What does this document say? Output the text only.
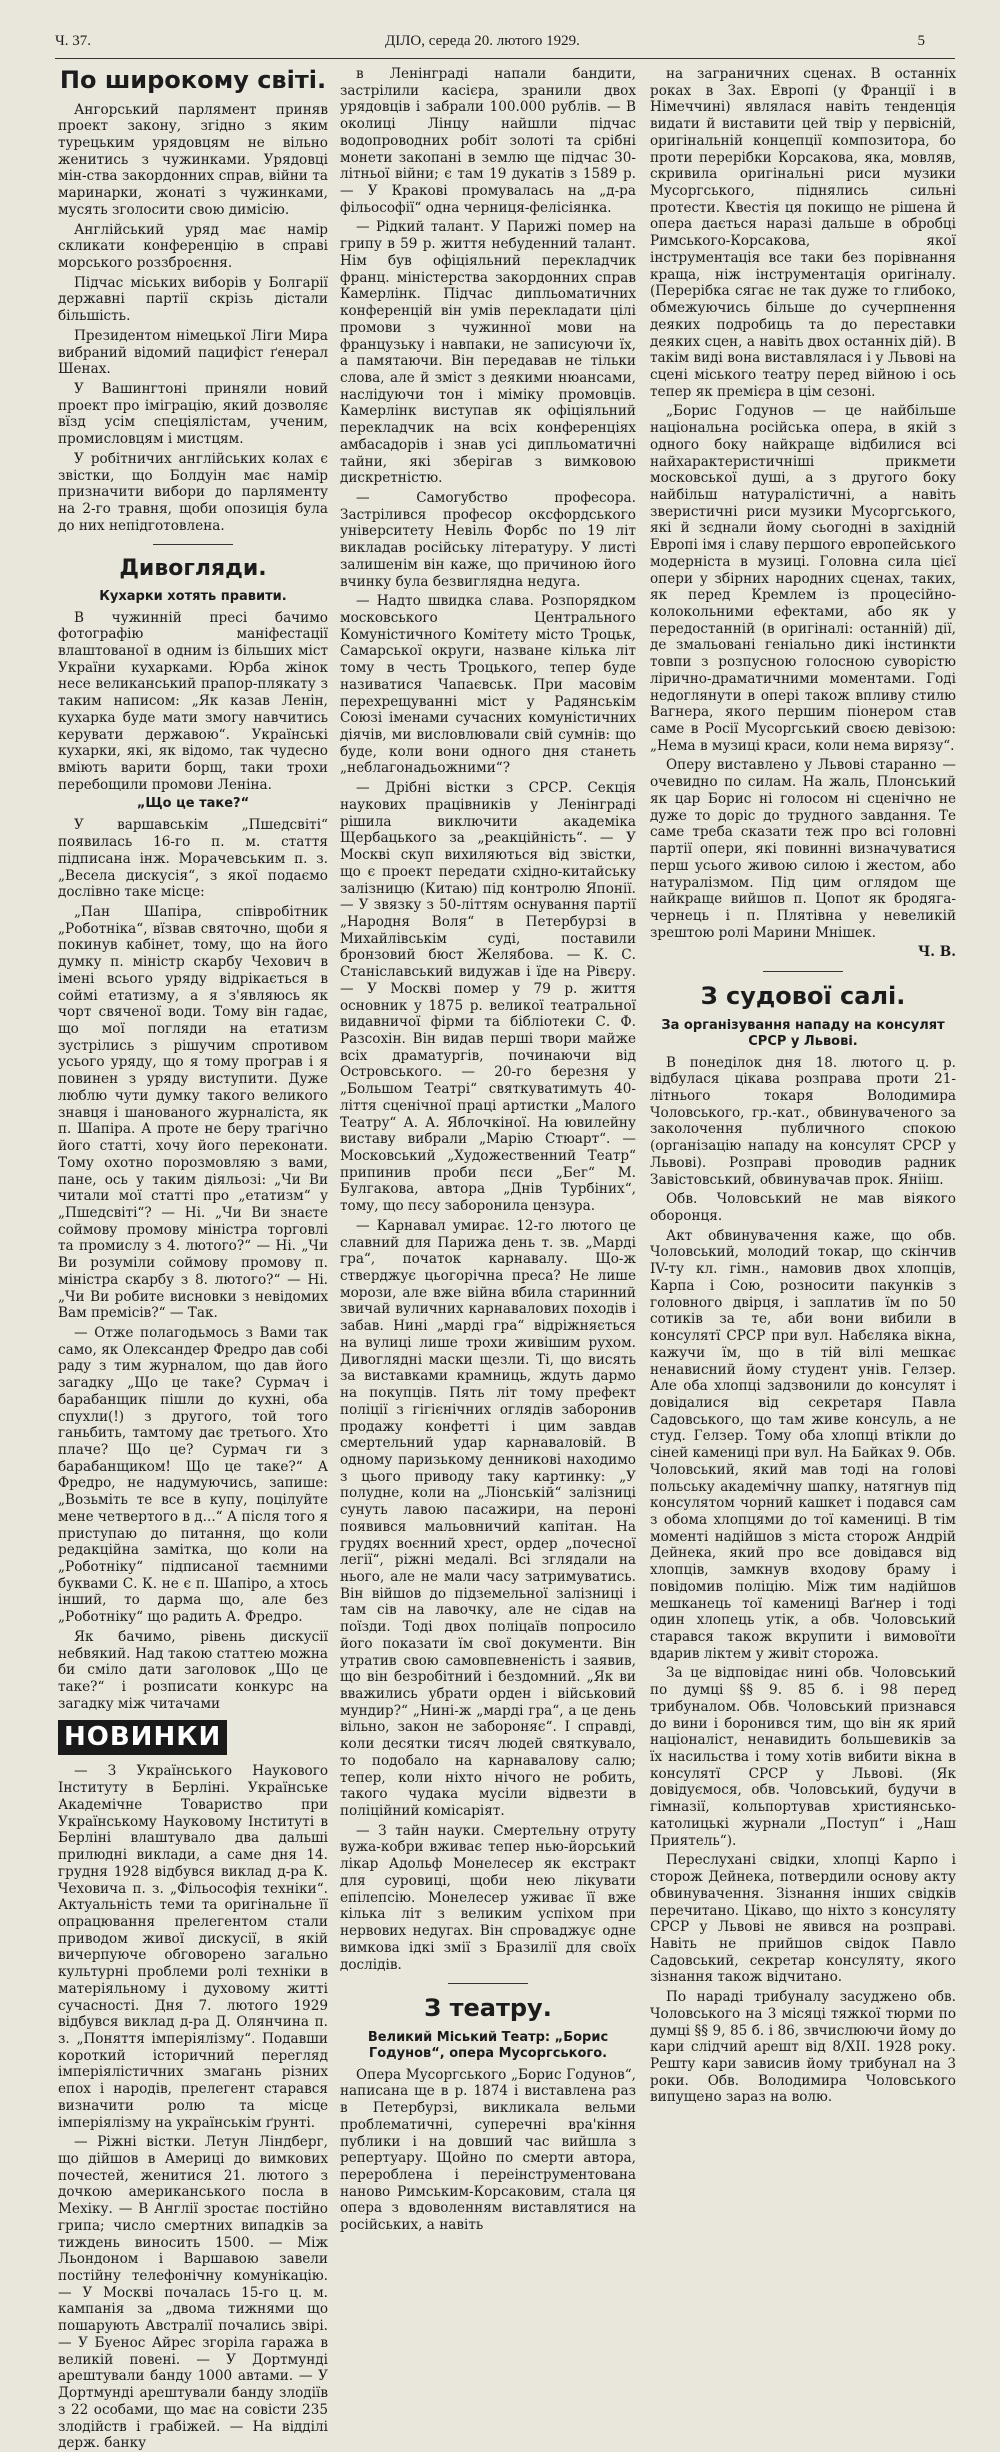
Ч. 37.	ДІЛО, середа 20. лютого 1929.	5
По широкому світі.

Ангорський парлямент приняв проект закону, згідно з яким турецьким урядовцям не вільно женитись з чужинками. Урядовці мін-ства закордонних справ, війни та маринарки, жонаті з чужинками, мусять зголосити свою димісію.

Англійський уряд має намір скликати конференцію в справі морського роззброєння.

Підчас міських виборів у Болгарії державні партії скрізь дістали більшість.

Президентом німецької Ліги Мира вибраний відомий пацифіст ґенерал Шенах.

У Вашингтоні приняли новий проект про іміграцію, який дозволяє вїзд усім спеціялістам, ученим, промисловцям і мистцям.

У робітничих англійських колах є звістки, що Болдуін має намір призначити вибори до парляменту на 2-го травня, щоби опозиція була до них непідготовлена.

Дивогляди.
Кухарки хотять правити.

В чужинній пресі бачимо фотографію маніфестації влаштованої в одним із більших міст України кухарками. Юрба жінок несе великанський прапор-плякату з таким написом: „Як казав Ленін, кухарка буде мати змогу навчитись керувати державою“. Українські кухарки, які, як відомо, так чудесно вміють варити борщ, таки трохи перебощили промови Леніна.

„Що це таке?“

У варшавськім „Пшедсвіті“ появилась 16-го п. м. стаття підписана інж. Морачевським п. з. „Весела дискусія“, з якої подаємо дослівно таке місце:

„Пан Шапіра, співробітник „Роботніка“, вїзвав святочно, щоби я покинув кабінет, тому, що на його думку п. міністр скарбу Чехович в імені всього уряду відрікається в соймі етатизму, а я з'являюсь як чорт свяченої води. Тому він гадає, що мої погляди на етатизм зустрілись з рішучим спротивом усього уряду, що я тому програв і я повинен з уряду виступити. Дуже люблю чути думку такого великого знавця і шанованого журналіста, як п. Шапіра. А проте не беру трагічно його статті, хочу його переконати. Тому охотно порозмовляю з вами, пане, ось у таким діяльозі: „Чи Ви читали мої статті про „етатизм“ у „Пшедсвіті“? — Ні. „Чи Ви знаєте соймову промову міністра торговлі та промислу з 4. лютого?“ — Ні. „Чи Ви розуміли соймову промову п. міністра скарбу з 8. лютого?“ — Ні. „Чи Ви робите висновки з невідомих Вам премісів?“ — Так.

— Отже полагодьмось з Вами так само, як Олександер Фредро дав собі раду з тим журналом, що дав його загадку „Що це таке? Сурмач і барабанщик пішли до кухні, оба спухли(!) з другого, той того ганьбить, тамтому дає третього. Хто плаче? Що це? Сурмач ги з барабанщиком! Що це таке?“ А Фредро, не надумуючись, запише: „Возьміть те все в купу, поцілуйте мене четвертого в д...“ А після того я приступаю до питання, що коли редакційна замітка, що коли на „Роботніку“ підписаної таємними буквами С. К. не є п. Шапіро, а хтось інший, то дарма що, але без „Роботніку“ що радить А. Фредро.

Як бачимо, рівень дискусії небвякий. Над такою статтею можна би сміло дати заголовок „Що це таке?“ і розписати конкурс на загадку між читачами

НОВИНКИ

— З Українського Наукового Інституту в Берліні. Українське Академічне Товариство при Українському Науковому Інституті в Берліні влаштувало два дальші прилюдні виклади, а саме дня 14. грудня 1928 відбувся виклад д-ра К. Чеховича п. з. „Фільософія техніки“. Актуальність теми та оригінальне її опрацювання прелегентом стали приводом живої дискусії, в якій вичерпуюче обговорено загально культурні проблеми ролі техніки в матеріяльному і духовому житті сучасності. Дня 7. лютого 1929 відбувся виклад д-ра Д. Олянчина п. з. „Поняття імперіялізму“. Подавши короткий історичний перегляд імперіялістичних змагань різних епох і народів, прелегент старався визначити ролю та місце імперіялізму на українськім ґрунті.

— Ріжні вістки. Летун Ліндберг, що дійшов в Америці до вимкових почестей, женитися 21. лютого з дочкою американського посла в Мехіку. — В Англії зростає постійно грипа; число смертних випадків за тиждень виносить 1500. — Між Льондоном і Варшавою завели постійну телефонічну комунікацію. — У Москві почалась 15-го ц. м. кампанія за „двома тижнями що пошарують Австралії почались звірі. — У Буенос Айрес згоріла гаража в великій повені. — У Дортмунді арештували банду 1000 автами. — У Дортмунді арештували банду злодіїв з 22 особами, що має на совісти 235 злодійств і грабіжей. — На відділі держ. банку

в Ленінграді напали бандити, застрілили касієра, зранили двох урядовців і забрали 100.000 рублів. — В околиці Лінцу найшли підчас водопроводних робіт золоті та срібні монети закопані в землю ще підчас 30-літньої війни; є там 19 дукатів з 1589 р. — У Кракові промувалась на „д-ра фільософії“ одна черниця-фелісіянка.

— Рідкий талант. У Парижі помер на грипу в 59 р. життя небуденний талант. Нім був офіціяльний перекладчик франц. міністерства закордонних справ Камерлінк. Підчас дипльоматичних конференцій він умів перекладати цілі промови з чужинної мови на французьку і навпаки, не записуючи їх, а памятаючи. Він передавав не тільки слова, але й зміст з деякими нюансами, наслідуючи тон і міміку промовців. Камерлінк виступав як офіціяльний перекладчик на всіх конференціях амбасадорів і знав усі дипльоматичні тайни, які зберігав з вимковою дискретністю.

— Самогубство професора. Застрілився професор оксфордського університету Невіль Форбс по 19 літ викладав російську літературу. У листі залишенім він каже, що причиною його вчинку була безвиглядна недуга.

— Надто швидка слава. Розпорядком московського Центрального Комуністичного Комітету місто Троцьк, Самарської округи, назване кілька літ тому в честь Троцького, тепер буде називатися Чапаєвськ. При масовім перехрещуванні міст у Радянськім Союзі іменами сучасних комуністичних діячів, ми висловлювали свій сумнів: що буде, коли вони одного дня станеть „неблагонадьожними“?

— Дрібні вістки з СРСР. Секція наукових працівників у Ленінграді рішила виключити академіка Щербацького за „реакційність“. — У Москві скуп вихиляються від звістки, що є проект передати східно-китайську залізницю (Китаю) під контролю Японії. — У звязку з 50-літтям оснування партії „Народня Воля“ в Петербурзі в Михайлівськім суді, поставили бронзовий бюст Желябова. — К. С. Станіславський видужав і їде на Рівєру. — У Москві помер у 79 р. життя основник у 1875 р. великої театральної видавничої фірми та бібліотеки С. Ф. Разсохін. Він видав перші твори майже всіх драматургів, починаючи від Островського. — 20-го березня у „Большом Театрі“ святкуватимуть 40-ліття сценічної праці артистки „Малого Театру“ А. А. Яблочкіної. На ювилейну виставу вибрали „Марію Стюарт“. — Московський „Художественний Театр“ припинив проби пєси „Бег“ М. Булгакова, автора „Днів Турбіних“, тому, що пєсу заборонила цензура.

— Карнавал умирає. 12-го лютого це славний для Парижа день т. зв. „Марді гра“, початок карнавалу. Що-ж стверджує цьогорічна преса? Не лише морози, але вже війна вбила старинний звичай вуличних карнавалових походів і забав. Нині „марді гра“ відріжняється на вулиці лише трохи живішим рухом. Дивоглядні маски щезли. Ті, що висять за виставками крамниць, ждуть дармо на покупців. Пять літ тому префект поліції з гігієнічних оглядів заборонив продажу конфетті і цим завдав смертельний удар карнаваловій. В одному паризькому денникові находимо з цього приводу таку картинку: „У полудне, коли на „Ліонській“ залізниці сунуть лавою пасажири, на пероні появився мальовничий капітан. На грудях воєнний хрест, ордер „почесної легії“, ріжні медалі. Всі зглядали на нього, але не мали часу затримуватись. Він війшов до підземельної залізниці і там сів на лавочку, але не сідав на поїзди. Тоді двох поліцаїв попросило його показати їм свої документи. Він утратив свою самовпевненість і заявив, що він безробітний і бездомний. „Як ви вважились убрати орден і військовий мундир?“ „Нині-ж „марді гра“, а це день вільно, закон не забороняє“. І справді, коли десятки тисяч людей святкувало, то подобало на карнавалову салю; тепер, коли ніхто нічого не робить, такого чудака мусіли відвезти в поліційний комісаріят.

— З тайн науки. Смертельну отруту вужа-кобри вживає тепер нью-йорський лікар Адольф Монелесер як екстракт для суровиці, щоби нею лікувати епілепсію. Монелесер уживає її вже кілька літ з великим успіхом при нервових недугах. Він спроваджує одне вимкова ідкі змії з Бразилії для своїх дослідів.

З театру.
Великий Міський Театр: „Борис Годунов“, опера Мусоргського.

Опера Мусоргського „Борис Годунов“, написана ще в р. 1874 і виставлена раз в Петербурзі, викликала вельми проблематичні, суперечні вра'кіння публики і на довший час вийшла з репертуару. Щойно по смерти автора, перероблена і переінструментована наново Римським-Корсаковим, стала ця опера з вдоволенням виставлятися на російських, а навіть

на заграничних сценах. В останніх роках в Зах. Европі (у Франції і в Німеччині) являлася навіть тенденція видати й виставити цей твір у первісній, оригінальній концепції композитора, бо проти перерібки Корсакова, яка, мовляв, скривила оригінальні риси музики Мусоргського, піднялись сильні протести. Квестія ця покищо не рішена й опера дається наразі дальше в обробці Римського-Корсакова, якої інструментація все таки без порівнання краща, ніж інструментація оригіналу. (Перерібка сягає не так дуже то глибоко, обмежуючись більше до сучерпнення деяких подробиць та до переставки деяких сцен, а навіть двох останніх дій). В такім виді вона виставлялася і у Львові на сцені міського театру перед війною і ось тепер як премієра в цім сезоні.

„Борис Годунов — це найбільше національна російська опера, в якій з одного боку найкраще відбилися всі найхарактеристичніші прикмети московської душі, а з другого боку найбільш натуралістичні, а навіть зверистичні риси музики Мусоргського, які й зєднали йому сьогодні в західній Европі імя і славу першого европейського модерніста в музиці. Головна сила цієї опери у збірних народних сценах, таких, як перед Кремлем із процесійно-колокольними ефектами, або як у передостанній (в оригіналі: останній) дії, де змальовані геніально дикі інстинкти товпи з розпусною голосною суворістю лірично-драматичними моментами. Годі недоглянути в опері також впливу стилю Вагнера, якого першим піонером став саме в Росії Мусоргський своєю девізою: „Нема в музиці краси, коли нема вирязу“.

Оперу виставлено у Львові старанно — очевидно по силам. На жаль, Плонський як цар Борис ні голосом ні сценічно не дуже то доріс до трудного завдання. Те саме треба сказати теж про всі головні партії опери, які повинні визначуватися перш усього живою силою і жестом, або натуралізмом. Під цим оглядом ще найкраще вийшов п. Цопот як бродяга-чернець і п. Плятівна у невеликій зрештою ролі Марини Мнішек.

Ч. В.

З судової салі.
За організування нападу на консулят СРСР у Львові.

В понеділок дня 18. лютого ц. р. відбулася цікава розправа проти 21-літнього токаря Володимира Чоловського, гр.-кат., обвинуваченого за заколочення публичного спокою (організацію нападу на консулят СРСР у Львові). Розправі проводив радник Завістовський, обвинувачав прок. Янііш.

Обв. Чоловський не мав віякого оборонця.

Акт обвинувачення каже, що обв. Чоловський, молодий токар, що скінчив IV-ту кл. гімн., намовив двох хлопців, Карпа і Сою, розносити пакунків з головного двірця, і заплатив їм по 50 сотиків за те, аби вони вибили в консулятї СРСР при вул. Набєляка вікна, кажучи їм, що в тій вілі мешкає ненависний йому студент унів. Гелзер. Але оба хлопці задзвонили до консулят і довідалися від секретаря Павла Садовського, що там живе консуль, а не студ. Гелзер. Тому оба хлопці втікли до сіней камениці при вул. На Байках 9. Обв. Чоловський, який мав тоді на голові польську академічну шапку, натягнув під консулятом чорний кашкет і подався сам з обома хлопцями до тої камениці. В тім моменті надійшов з міста сторож Андрій Дейнека, який про все довідався від хлопців, замкнув входову браму і повідомив поліцію. Між тим надійшов мешканець тої камениці Ваґнер і тоді один хлопець утік, а обв. Чоловський старався також вкрупити і вимовоїти вдарив ліктем у живіт сторожа.

За це відповідає нині обв. Чоловський по думці §§ 9. 85 б. і 98 перед трибуналом. Обв. Чоловський признався до вини і боронився тим, що він як ярий націоналіст, ненавидить большевиків за їх насильства і тому хотів вибити вікна в консулятї СРСР у Львові. (Як довідуємося, обв. Чоловський, будучи в гімназії, кольпортував християнсько-католицькі журнали „Поступ“ і „Наш Приятель“).

Переслухані свідки, хлопці Карпо і сторож Дейнека, потвердили основу акту обвинувачення. Зізнання інших свідків перечитано. Цікаво, що ніхто з консуляту СРСР у Львові не явився на розправі. Навіть не прийшов свідок Павло Садовський, секретар консуляту, якого зізнання також відчитано.

По нараді трибуналу засуджено обв. Чоловського на 3 місяці тяжкої тюрми по думці §§ 9, 85 б. і 86, звчислюючи йому до кари слідчий арешт від 8/XII. 1928 року. Решту кари зависив йому трибунал на 3 роки. Обв. Володимира Чоловського випущено зараз на волю.
